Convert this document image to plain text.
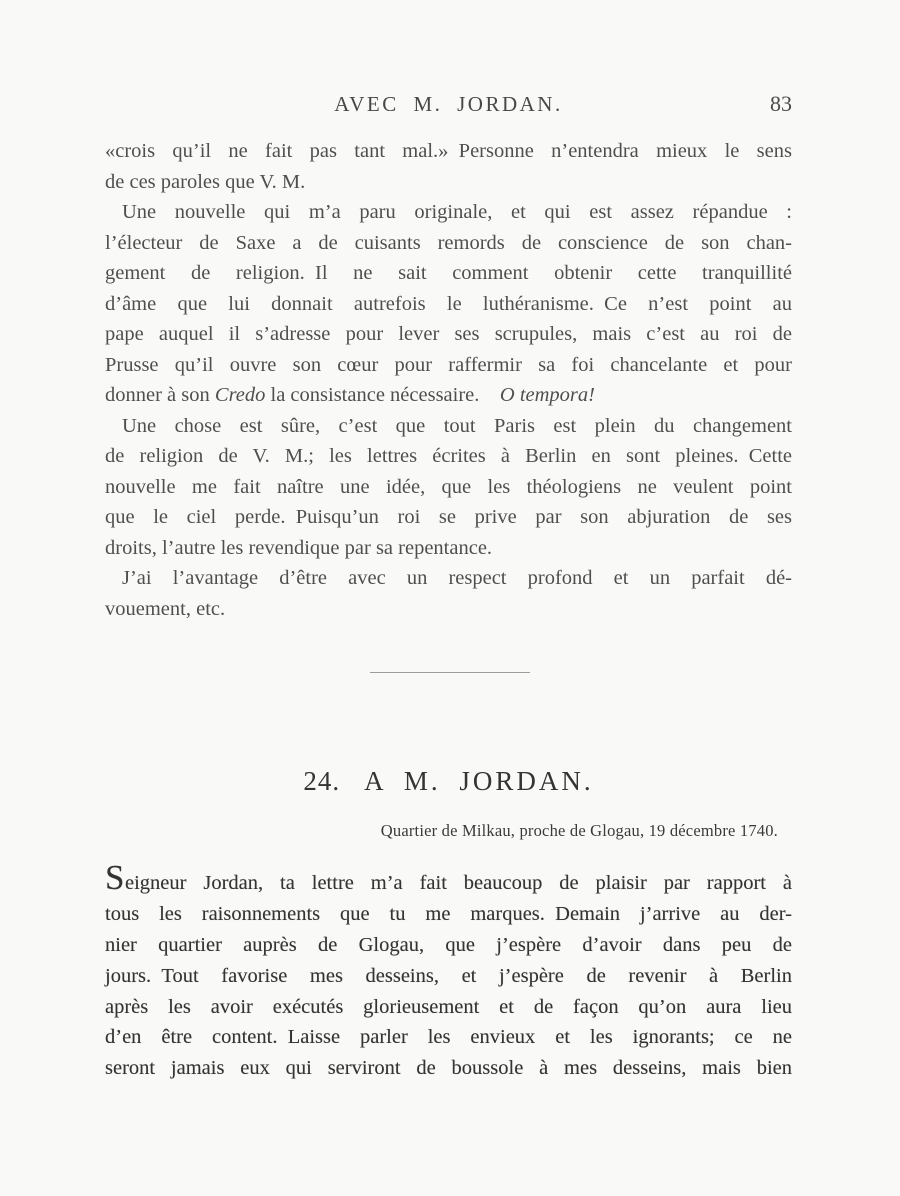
AVEC M. JORDAN.	83
«crois qu’il ne fait pas tant mal.» Personne n’entendra mieux le sens
de ces paroles que V. M.
Une nouvelle qui m’a paru originale, et qui est assez répandue :
l’électeur de Saxe a de cuisants remords de conscience de son chan-
gement de religion. Il ne sait comment obtenir cette tranquillité
d’âme que lui donnait autrefois le luthéranisme. Ce n’est point au
pape auquel il s’adresse pour lever ses scrupules, mais c’est au roi de
Prusse qu’il ouvre son cœur pour raffermir sa foi chancelante et pour
donner à son Credo la consistance nécessaire.  O tempora!
Une chose est sûre, c’est que tout Paris est plein du changement
de religion de V. M.; les lettres écrites à Berlin en sont pleines. Cette
nouvelle me fait naître une idée, que les théologiens ne veulent point
que le ciel perde. Puisqu’un roi se prive par son abjuration de ses
droits, l’autre les revendique par sa repentance.
J’ai l’avantage d’être avec un respect profond et un parfait dé-
vouement, etc.
24. A M. JORDAN.
Quartier de Milkau, proche de Glogau, 19 décembre 1740.
Seigneur Jordan, ta lettre m’a fait beaucoup de plaisir par rapport à
tous les raisonnements que tu me marques. Demain j’arrive au der-
nier quartier auprès de Glogau, que j’espère d’avoir dans peu de
jours. Tout favorise mes desseins, et j’espère de revenir à Berlin
après les avoir exécutés glorieusement et de façon qu’on aura lieu
d’en être content. Laisse parler les envieux et les ignorants; ce ne
seront jamais eux qui serviront de boussole à mes desseins, mais bien
